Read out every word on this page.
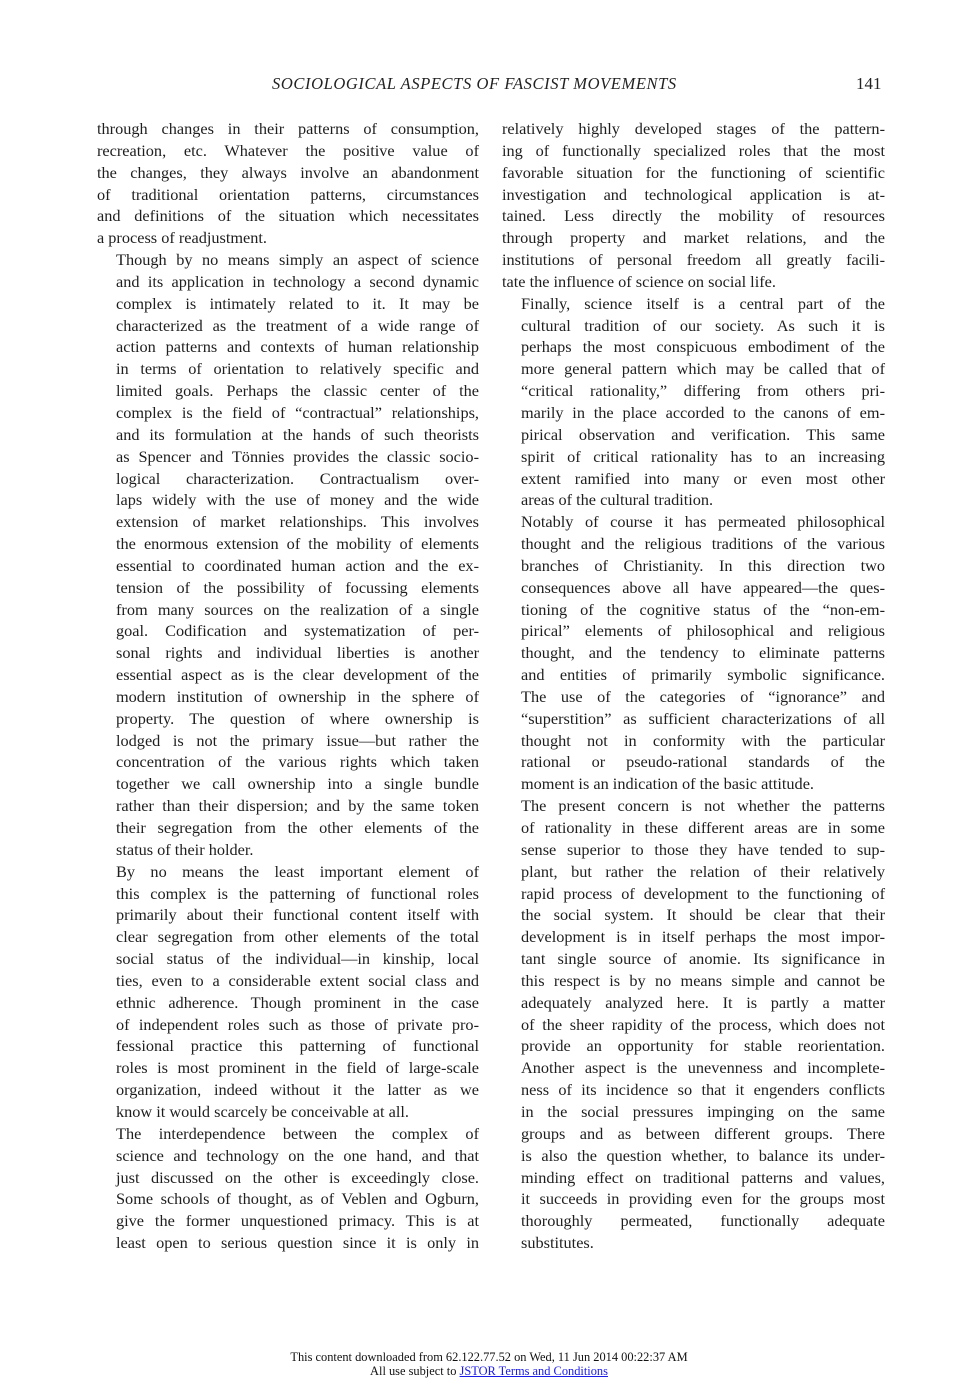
SOCIOLOGICAL ASPECTS OF FASCIST MOVEMENTS	141

through changes in their patterns of consumption,
recreation, etc. Whatever the positive value of
the changes, they always involve an abandonment
of traditional orientation patterns, circumstances
and definitions of the situation which necessitates
a process of readjustment.

Though by no means simply an aspect of science
and its application in technology a second dynamic
complex is intimately related to it. It may be
characterized as the treatment of a wide range of
action patterns and contexts of human relationship
in terms of orientation to relatively specific and
limited goals. Perhaps the classic center of the
complex is the field of “contractual” relationships,
and its formulation at the hands of such theorists
as Spencer and Tönnies provides the classic socio-
logical characterization. Contractualism over-
laps widely with the use of money and the wide
extension of market relationships. This involves
the enormous extension of the mobility of elements
essential to coordinated human action and the ex-
tension of the possibility of focussing elements
from many sources on the realization of a single
goal. Codification and systematization of per-
sonal rights and individual liberties is another
essential aspect as is the clear development of the
modern institution of ownership in the sphere of
property. The question of where ownership is
lodged is not the primary issue—but rather the
concentration of the various rights which taken
together we call ownership into a single bundle
rather than their dispersion; and by the same token
their segregation from the other elements of the
status of their holder.

By no means the least important element of
this complex is the patterning of functional roles
primarily about their functional content itself with
clear segregation from other elements of the total
social status of the individual—in kinship, local
ties, even to a considerable extent social class and
ethnic adherence. Though prominent in the case
of independent roles such as those of private pro-
fessional practice this patterning of functional
roles is most prominent in the field of large-scale
organization, indeed without it the latter as we
know it would scarcely be conceivable at all.

The interdependence between the complex of
science and technology on the one hand, and that
just discussed on the other is exceedingly close.
Some schools of thought, as of Veblen and Ogburn,
give the former unquestioned primacy. This is at
least open to serious question since it is only in

relatively highly developed stages of the pattern-
ing of functionally specialized roles that the most
favorable situation for the functioning of scientific
investigation and technological application is at-
tained. Less directly the mobility of resources
through property and market relations, and the
institutions of personal freedom all greatly facili-
tate the influence of science on social life.

Finally, science itself is a central part of the
cultural tradition of our society. As such it is
perhaps the most conspicuous embodiment of the
more general pattern which may be called that of
“critical rationality,” differing from others pri-
marily in the place accorded to the canons of em-
pirical observation and verification. This same
spirit of critical rationality has to an increasing
extent ramified into many or even most other
areas of the cultural tradition.

Notably of course it has permeated philosophical
thought and the religious traditions of the various
branches of Christianity. In this direction two
consequences above all have appeared—the ques-
tioning of the cognitive status of the “non-em-
pirical” elements of philosophical and religious
thought, and the tendency to eliminate patterns
and entities of primarily symbolic significance.
The use of the categories of “ignorance” and
“superstition” as sufficient characterizations of all
thought not in conformity with the particular
rational or pseudo-rational standards of the
moment is an indication of the basic attitude.

The present concern is not whether the patterns
of rationality in these different areas are in some
sense superior to those they have tended to sup-
plant, but rather the relation of their relatively
rapid process of development to the functioning of
the social system. It should be clear that their
development is in itself perhaps the most impor-
tant single source of anomie. Its significance in
this respect is by no means simple and cannot be
adequately analyzed here. It is partly a matter
of the sheer rapidity of the process, which does not
provide an opportunity for stable reorientation.
Another aspect is the unevenness and incomplete-
ness of its incidence so that it engenders conflicts
in the social pressures impinging on the same
groups and as between different groups. There
is also the question whether, to balance its under-
minding effect on traditional patterns and values,
it succeeds in providing even for the groups most
thoroughly permeated, functionally adequate
substitutes.

This content downloaded from 62.122.77.52 on Wed, 11 Jun 2014 00:22:37 AM
All use subject to JSTOR Terms and Conditions
